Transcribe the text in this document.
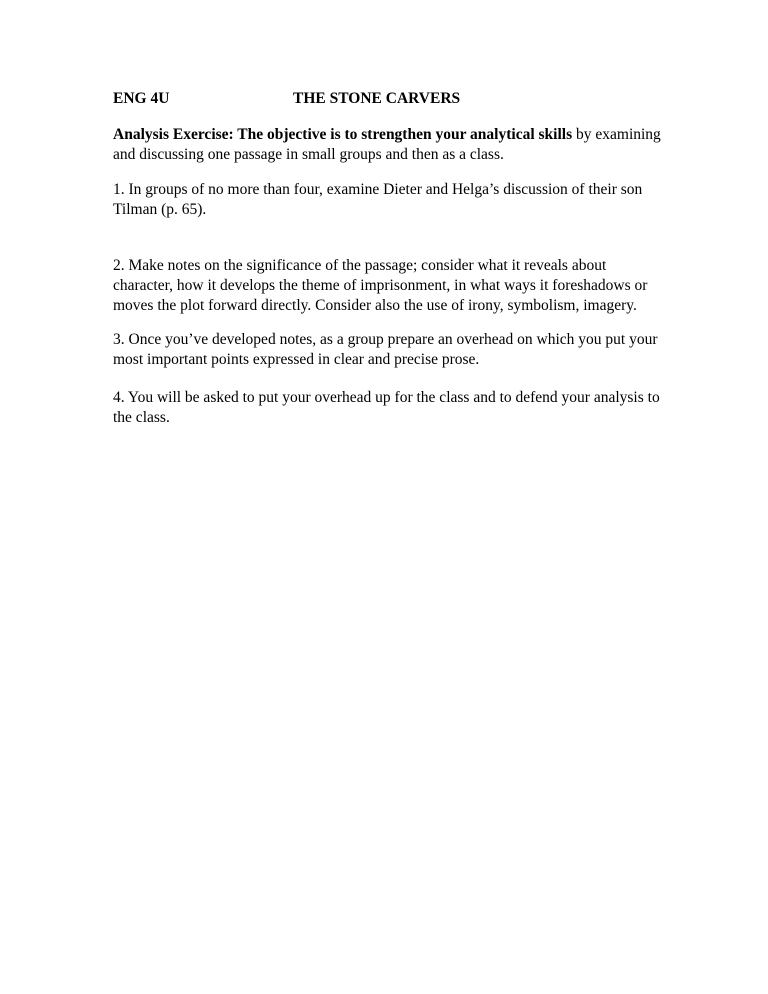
ENG 4U	THE STONE CARVERS

Analysis Exercise: The objective is to strengthen your analytical skills by examining and discussing one passage in small groups and then as a class.

1. In groups of no more than four, examine Dieter and Helga’s discussion of their son Tilman (p. 65).

2. Make notes on the significance of the passage; consider what it reveals about character, how it develops the theme of imprisonment, in what ways it foreshadows or moves the plot forward directly. Consider also the use of irony, symbolism, imagery.

3. Once you’ve developed notes, as a group prepare an overhead on which you put your most important points expressed in clear and precise prose.

4. You will be asked to put your overhead up for the class and to defend your analysis to the class.
